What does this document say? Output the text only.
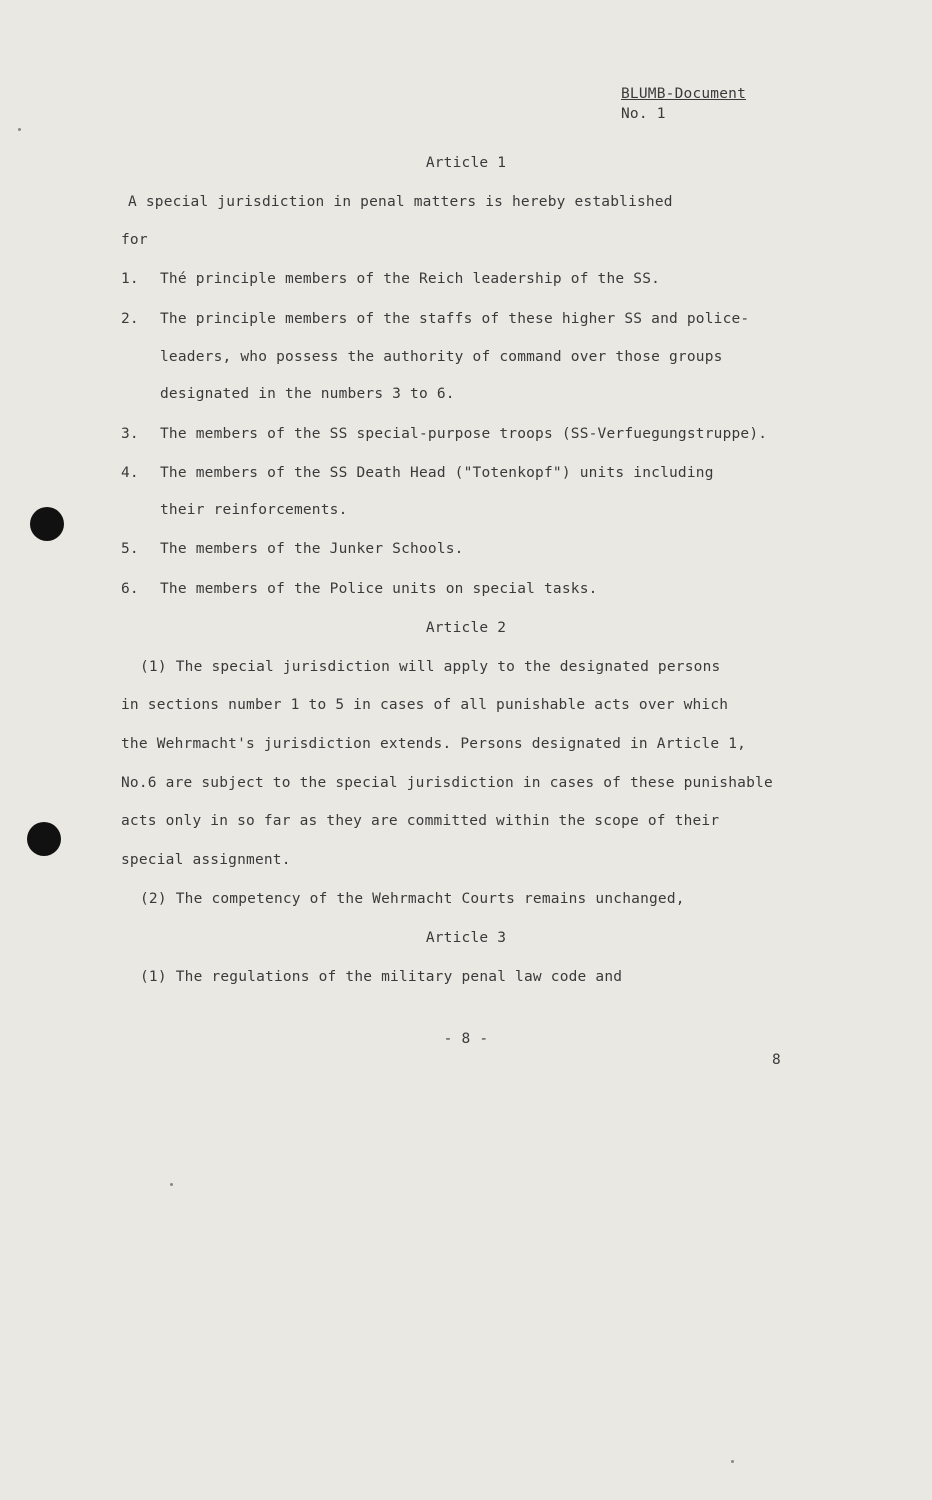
BLUMB-Document
No. 1
Article 1
A special jurisdiction in penal matters is hereby established
for
1. Thé principle members of the Reich leadership of the SS.
2. The principle members of the staffs of these higher SS and police-
leaders, who possess the authority of command over those groups
designated in the numbers 3 to 6.
3. The members of the SS special-purpose troops (SS-Verfuegungstruppe).
4. The members of the SS Death Head ("Totenkopf") units including
their reinforcements.
5. The members of the Junker Schools.
6. The members of the Police units on special tasks.
Article 2
(1) The special jurisdiction will apply to the designated persons
in sections number 1 to 5 in cases of all punishable acts over which
the Wehrmacht's jurisdiction extends. Persons designated in Article 1,
No.6 are subject to the special jurisdiction in cases of these punishable
acts only in so far as they are committed within the scope of their
special assignment.
(2) The competency of the Wehrmacht Courts remains unchanged,
Article 3
(1) The regulations of the military penal law code and
- 8 -
8
